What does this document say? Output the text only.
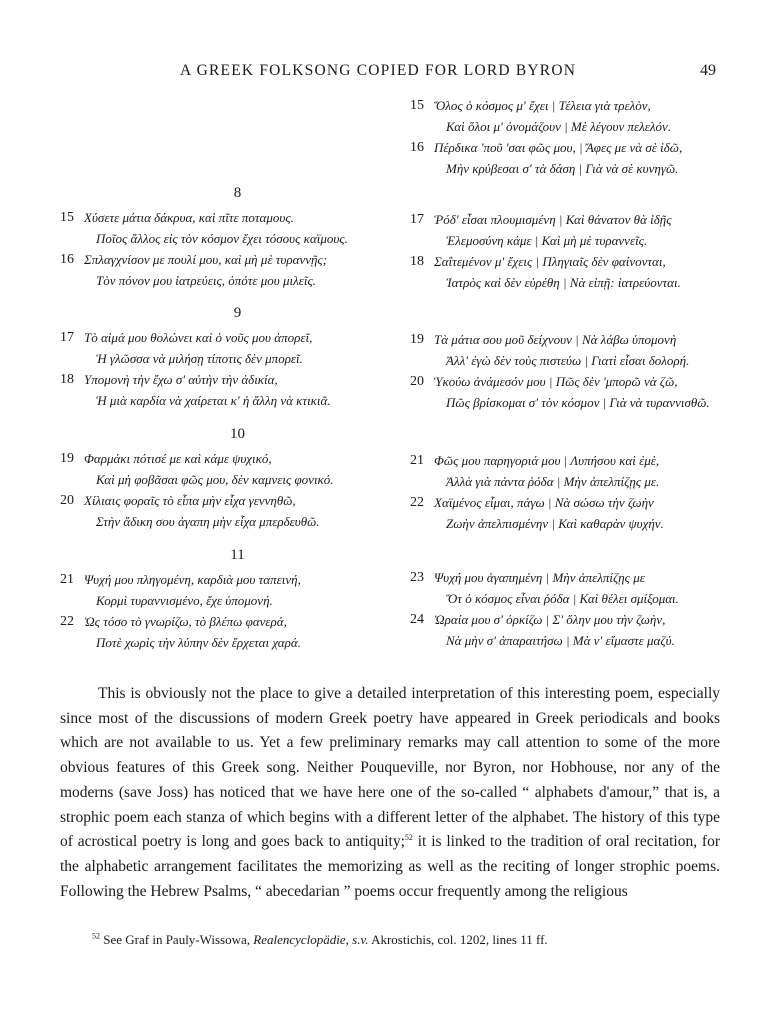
A GREEK FOLKSONG COPIED FOR LORD BYRON	49
8
15 Χύσετε μάτια δάκρυα, καὶ πῖτε ποταμους.
Ποῖος ἄλλος εἰς τὸν κόσμον ἔχει τόσους καϊμους.
16 Σπλαγχνίσον με πουλί μου, καὶ μὴ μὲ τυραννῇς;
Τὸν πόνον μου ἰατρεύεις, ὁπότε μου μιλεῖς.
9
17 Τὸ αἱμά μου θολώνει καὶ ὁ νοῦς μου ἀπορεῖ,
Ἡ γλῶσσα νὰ μιλήσῃ τίποτις δὲν μπορεῖ.
18 Υπομονὴ τὴν ἔχω σ' αὐτὴν τὴν ἀδικία,
Ἡ μιὰ καρδία νὰ χαίρεται κ' ἡ ἄλλη νὰ κτικιᾶ.
10
19 Φαρμάκι πότισέ με καὶ κάμε ψυχικό,
Καὶ μὴ φοβᾶσαι φῶς μου, δὲν καμνεις φονικό.
20 Χίλιαις φοραῖς τὸ εἶπα μὴν εἶχα γεννηθῶ,
Στὴν ἄδικη σου ἀγαπη μὴν εἶχα μπερδευθῶ.
11
21 Ψυχή μου πληγομένη, καρδιὰ μου ταπεινή,
Κορμὶ τυραννισμένο, ἔχε ὑπομονή.
22 Ὡς τόσο τὸ γνωρίζω, τὸ βλέπω φανερά,
Ποτὲ χωρὶς τὴν λύπην δὲν ἔρχεται χαρά.
15 Ὅλος ὁ κόσμος μ' ἔχει | Τέλεια γιὰ τρελὸν,
Καὶ ὅλοι μ' ὀνομάζουν | Μὲ λέγουν πελελόν.
16 Πέρδικα 'ποῦ 'σαι φῶς μου, | Ἄφες με νὰ σὲ ἰδῶ,
Μὴν κρύβεσαι σ' τὰ δάση | Γιὰ νὰ σὲ κυνηγῶ.
17 Ῥόδ' εἶσαι πλουμισμένη | Καὶ θάνατον θὰ ἰδῇς
Ἐλεμοσύνη κάμε | Καὶ μὴ μὲ τυραννεῖς.
18 Σαΐτεμένον μ' ἔχεις | Πληγιαῖς δὲν φαίνονται,
Ἰατρὸς καὶ δὲν εὑρέθη | Νὰ εἰπῇ: ἰατρεύονται.
19 Τὰ μάτια σου μοῦ δείχνουν | Νὰ λάβω ὑπομονὴ
Ἀλλ' ἐγὼ δὲν τοὺς πιστεύω | Γιατὶ εἶσαι δολορή.
20 Ὑκούω ἀνάμεσόν μου | Πῶς δὲν 'μπορῶ νὰ ζῶ,
Πῶς βρίσκομαι σ' τὸν κόσμον | Γιὰ νὰ τυραννισθῶ.
21 Φῶς μου παρηγοριά μου | Λυπήσου καὶ ἐμὲ,
Ἀλλὰ γιὰ πάντα ῥόδα | Μὴν ἀπελπίζῃς με.
22 Χαϊμένος εἶμαι, πάγω | Νὰ σώσω τὴν ζωὴν
Ζωὴν ἀπελπισμένην | Καὶ καθαρὰν ψυχήν.
23 Ψυχή μου ἀγαπημένη | Μὴν ἀπελπίζῃς με
Ὅτ ὁ κόσμος εἶναι ῥόδα | Καὶ θέλει σμίξομαι.
24 Ὡραία μου σ' ὁρκίζω | Σ' ὅλην μου τὴν ζωὴν,
Νὰ μὴν σ' ἀπαραιτήσω | Μὰ ν' εἴμαστε μαζύ.

This is obviously not the place to give a detailed interpretation of this interesting poem, especially since most of the discussions of modern Greek poetry have appeared in Greek periodicals and books which are not available to us. Yet a few preliminary remarks may call attention to some of the more obvious features of this Greek song. Neither Pouqueville, nor Byron, nor Hobhouse, nor any of the moderns (save Joss) has noticed that we have here one of the so-called “ alphabets d'amour,” that is, a strophic poem each stanza of which begins with a different letter of the alphabet. The history of this type of acrostical poetry is long and goes back to antiquity;$^{52}$ it is linked to the tradition of oral recitation, for the alphabetic arrangement facilitates the memorizing as well as the reciting of longer strophic poems. Following the Hebrew Psalms, “ abecedarian ” poems occur frequently among the religious

$^{52}$ See Graf in Pauly-Wissowa, Realencyclopädie, s.v. Akrostichis, col. 1202, lines 11 ff.
